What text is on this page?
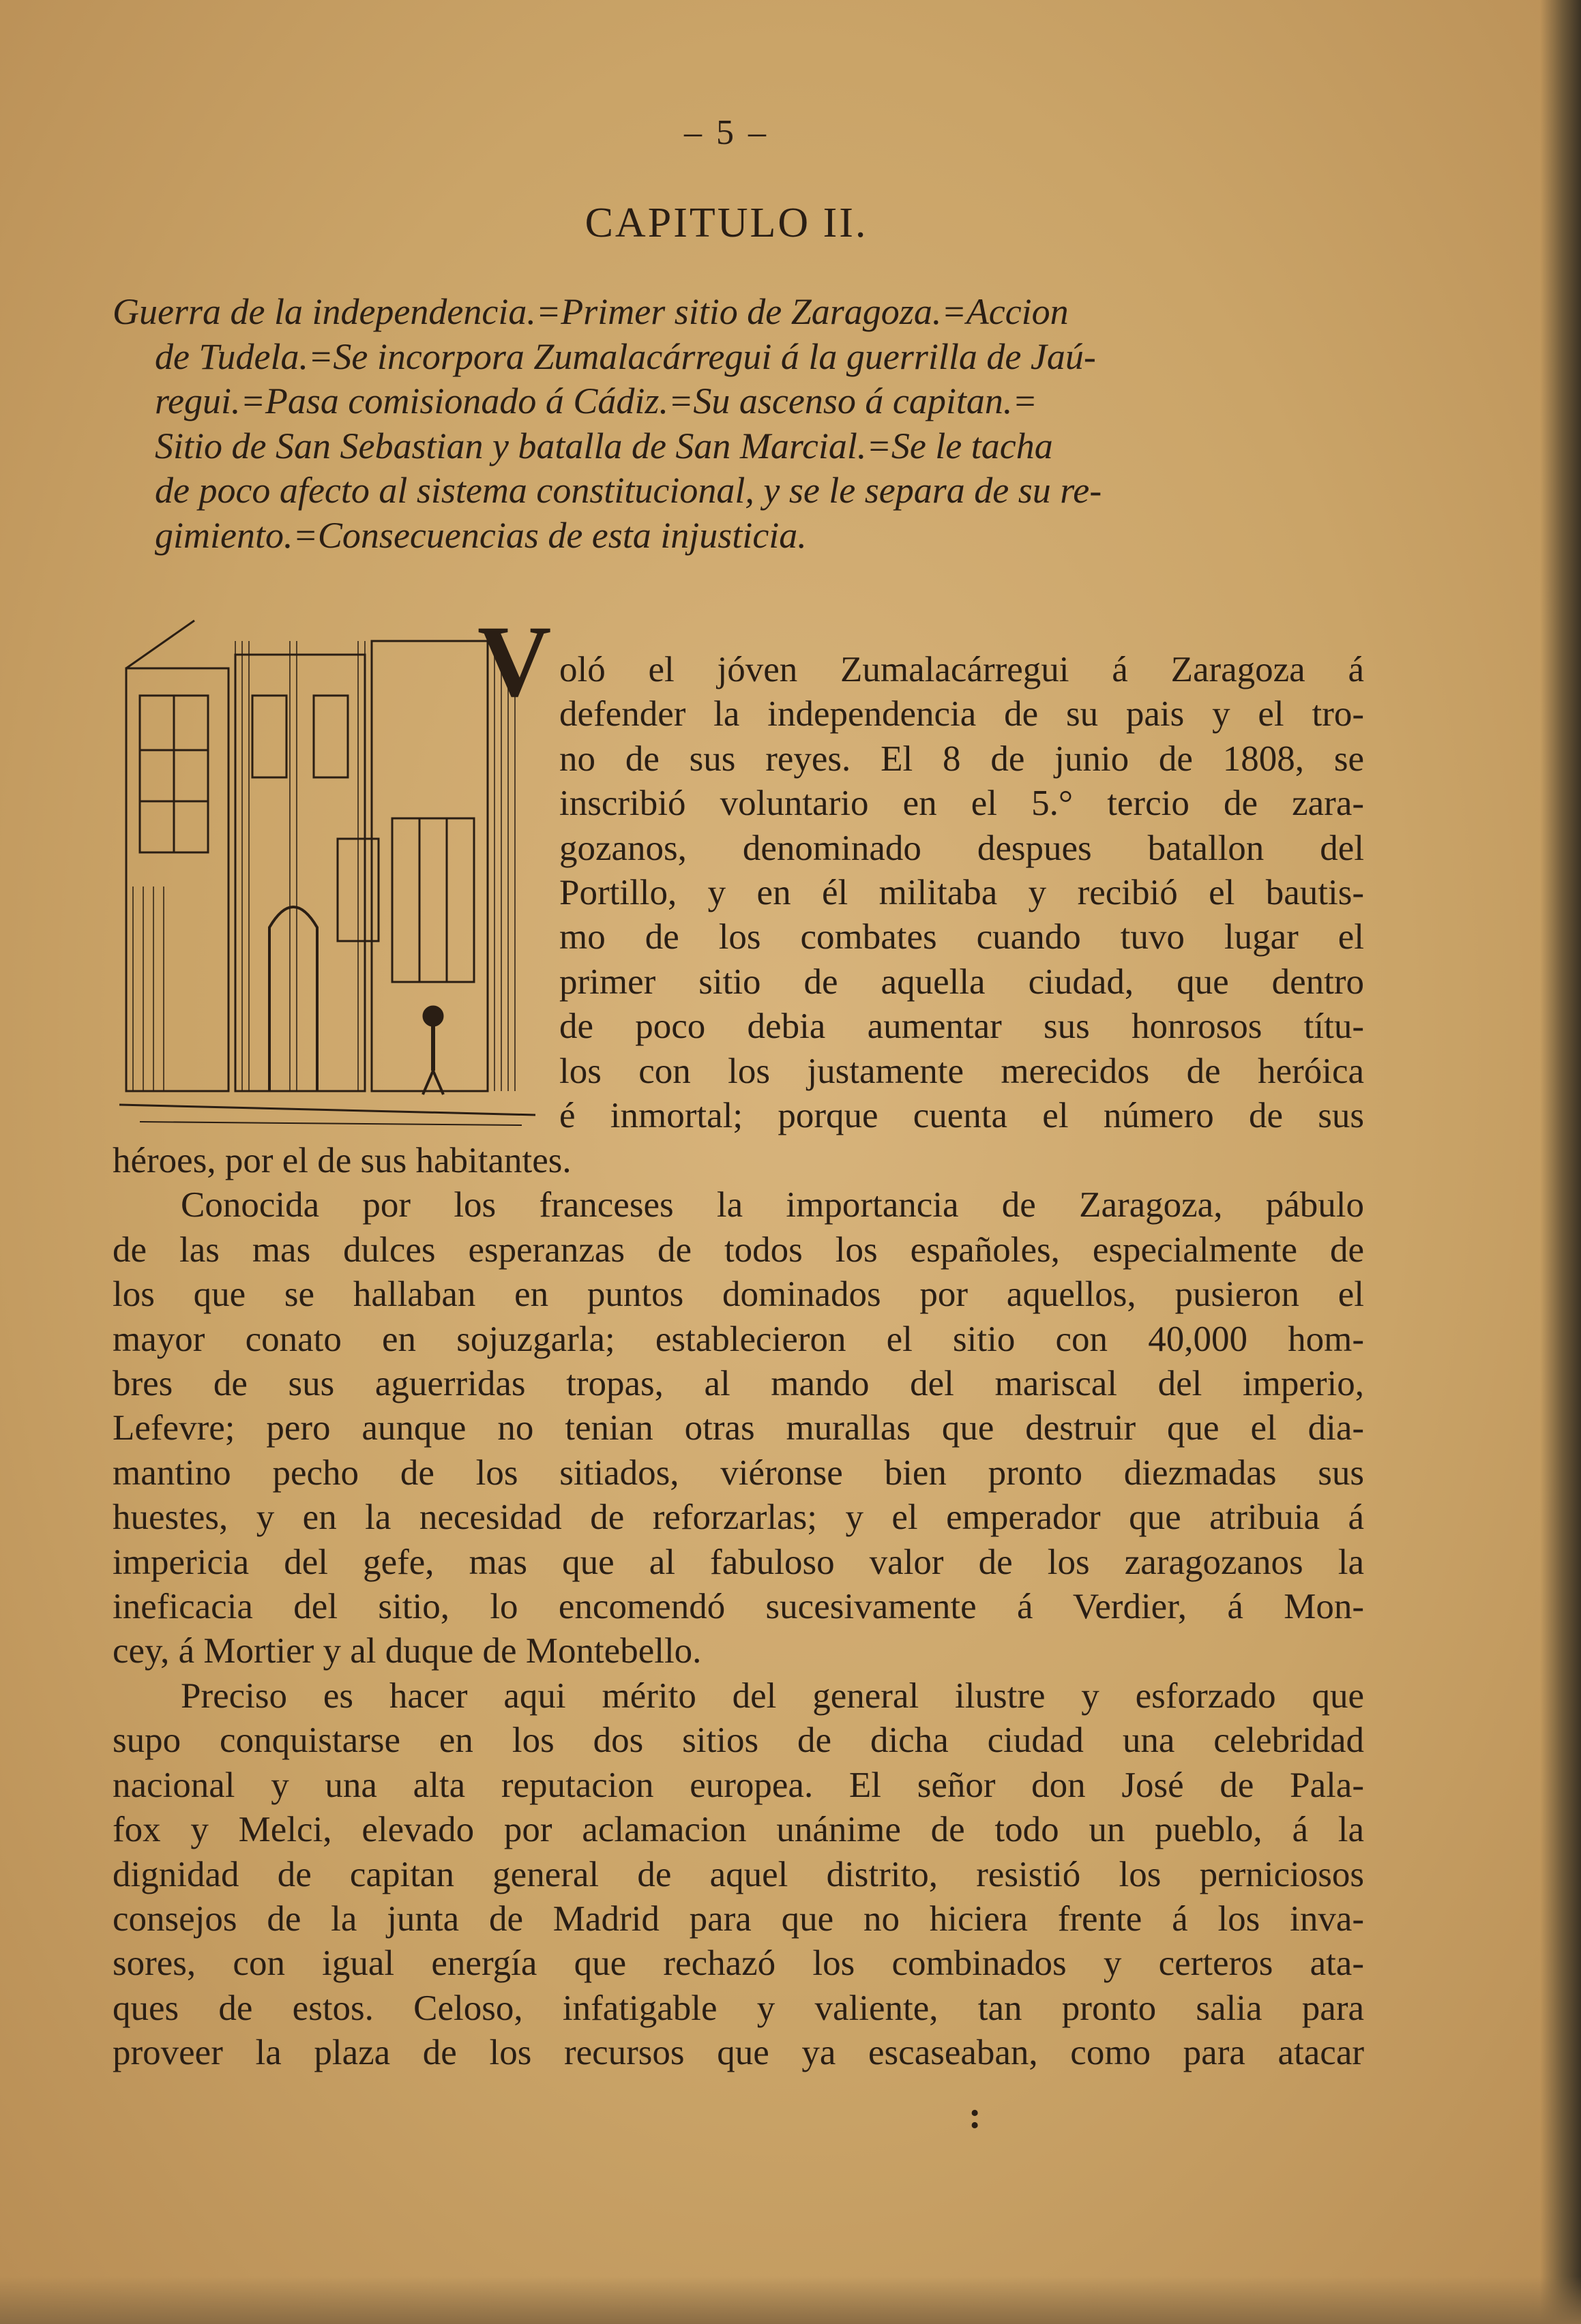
– 5 –
CAPITULO II.
Guerra de la independencia.=Primer sitio de Zaragoza.=Accion
de Tudela.=Se incorpora Zumalacárregui á la guerrilla de Jaú-
regui.=Pasa comisionado á Cádiz.=Su ascenso á capitan.=
Sitio de San Sebastian y batalla de San Marcial.=Se le tacha
de poco afecto al sistema constitucional, y se le separa de su re-
gimiento.=Consecuencias de esta injusticia.
V oló el jóven Zumalacárregui á Zaragoza á
defender la independencia de su pais y el tro-
no de sus reyes. El 8 de junio de 1808, se
inscribió voluntario en el 5.° tercio de zara-
gozanos, denominado despues batallon del
Portillo, y en él militaba y recibió el bautis-
mo de los combates cuando tuvo lugar el
primer sitio de aquella ciudad, que dentro
de poco debia aumentar sus honrosos títu-
los con los justamente merecidos de heróica
é inmortal; porque cuenta el número de sus
héroes, por el de sus habitantes.
Conocida por los franceses la importancia de Zaragoza, pábulo
de las mas dulces esperanzas de todos los españoles, especialmente de
los que se hallaban en puntos dominados por aquellos, pusieron el
mayor conato en sojuzgarla; establecieron el sitio con 40,000 hom-
bres de sus aguerridas tropas, al mando del mariscal del imperio,
Lefevre; pero aunque no tenian otras murallas que destruir que el dia-
mantino pecho de los sitiados, viéronse bien pronto diezmadas sus
huestes, y en la necesidad de reforzarlas; y el emperador que atribuia á
impericia del gefe, mas que al fabuloso valor de los zaragozanos la
ineficacia del sitio, lo encomendó sucesivamente á Verdier, á Mon-
cey, á Mortier y al duque de Montebello.
Preciso es hacer aqui mérito del general ilustre y esforzado que
supo conquistarse en los dos sitios de dicha ciudad una celebridad
nacional y una alta reputacion europea. El señor don José de Pala-
fox y Melci, elevado por aclamacion unánime de todo un pueblo, á la
dignidad de capitan general de aquel distrito, resistió los perniciosos
consejos de la junta de Madrid para que no hiciera frente á los inva-
sores, con igual energía que rechazó los combinados y certeros ata-
ques de estos. Celoso, infatigable y valiente, tan pronto salia para
proveer la plaza de los recursos que ya escaseaban, como para atacar
:
